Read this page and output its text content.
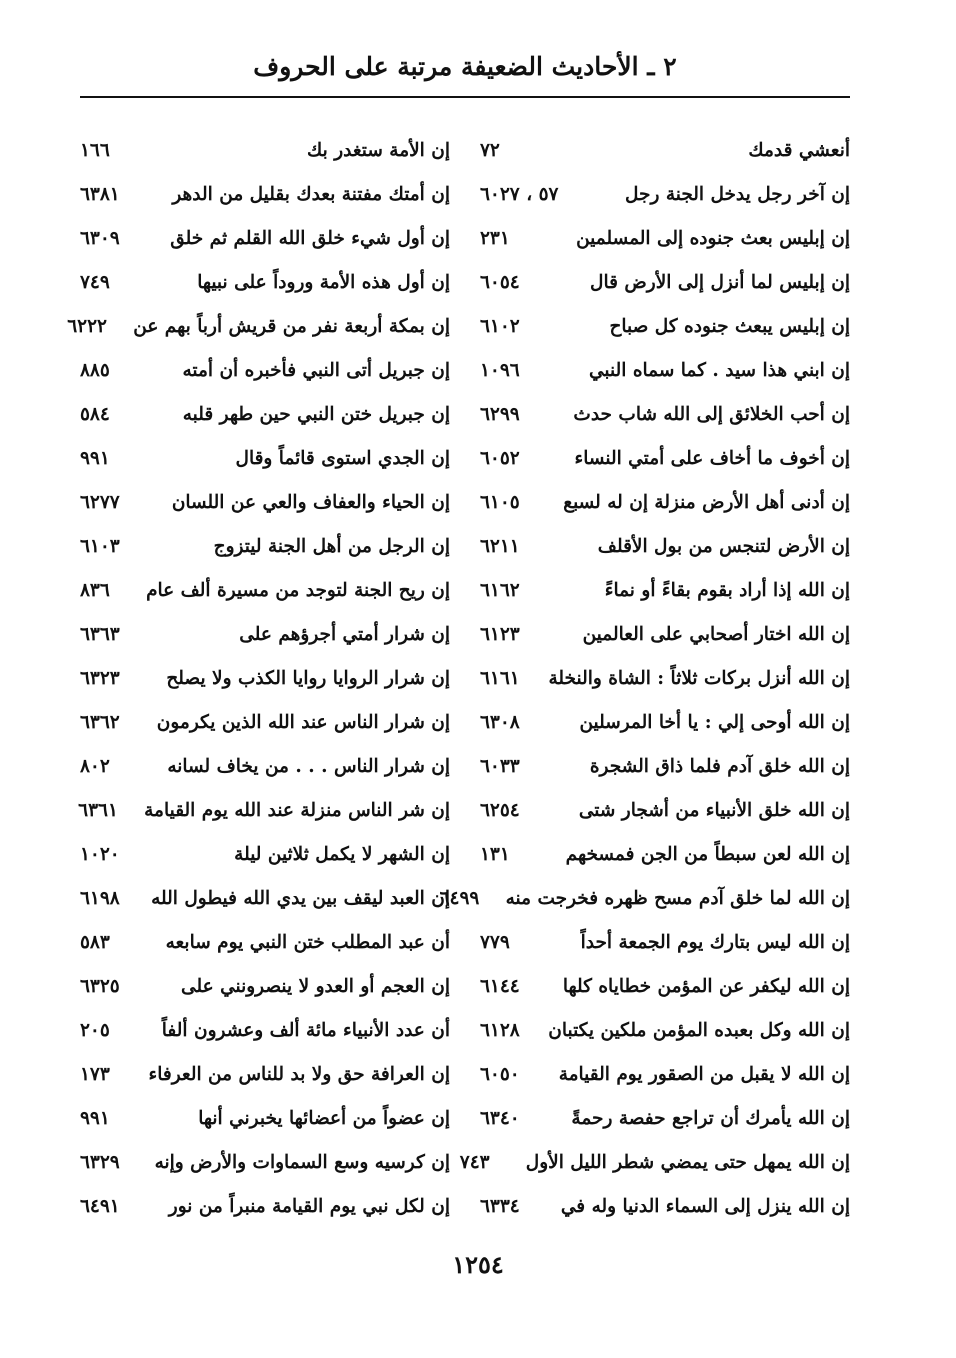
٢ ـ الأحاديث الضعيفة مرتبة على الحروف
أنعشي قدمك
٧٢
إن آخر رجل يدخل الجنة رجل
٥٧ ، ٦٠٢٧
إن إبليس بعث جنوده إلى المسلمين
٢٣١
إن إبليس لما أنزل إلى الأرض قال
٦٠٥٤
إن إبليس يبعث جنوده كل صباح
٦١٠٢
إن ابني هذا سيد . كما سماه النبي
١٠٩٦
إن أحب الخلائق إلى الله شاب حدث
٦٢٩٩
إن أخوف ما أخاف على أمتي النساء
٦٠٥٢
إن أدنى أهل الأرض منزلة إن له لسبع
٦١٠٥
إن الأرض لتنجس من بول الأقلف
٦٢١١
إن الله إذا أراد بقوم بقاءً أو نماءً
٦١٦٢
إن الله اختار أصحابي على العالمين
٦١٢٣
إن الله أنزل بركات ثلاثاً : الشاة والنخلة
٦١٦١
إن الله أوحى إلي : يا أخا المرسلين
٦٣٠٨
إن الله خلق آدم فلما ذاق الشجرة
٦٠٣٣
إن الله خلق الأنبياء من أشجار شتى
٦٢٥٤
إن الله لعن سبطاً من الجن فمسخهم
١٣١
إن الله لما خلق آدم مسح ظهره فخرجت منه
٦٤٩٩
إن الله ليس بتارك يوم الجمعة أحداً
٧٧٩
إن الله ليكفر عن المؤمن خطاياه كلها
٦١٤٤
إن الله وكل بعبده المؤمن ملكين يكتبان
٦١٢٨
إن الله لا يقبل من الصقور يوم القيامة
٦٠٥٠
إن الله يأمرك أن تراجع حفصة رحمةً
٦٣٤٠
إن الله يمهل حتى يمضي شطر الليل الأول
٧٤٣
إن الله ينزل إلى السماء الدنيا وله في
٦٣٣٤
إن الأمة ستغدر بك
١٦٦
إن أمتك مفتنة بعدك بقليل من الدهر
٦٣٨١
إن أول شيء خلق الله القلم ثم خلق
٦٣٠٩
إن أول هذه الأمة وروداً على نبيها
٧٤٩
إن بمكة أربعة نفر من قريش أرباً بهم عن
٦٢٢٢
إن جبريل أتى النبي فأخبره أن أمته
٨٨٥
إن جبريل ختن النبي حين طهر قلبه
٥٨٤
إن الجدي استوى قائماً وقال
٩٩١
إن الحياء والعفاف والعي عن اللسان
٦٢٧٧
إن الرجل من أهل الجنة ليتزوج
٦١٠٣
إن ريح الجنة لتوجد من مسيرة ألف عام
٨٣٦
إن شرار أمتي أجرؤهم على
٦٣٦٣
إن شرار الروايا روايا الكذب ولا يصلح
٦٣٢٣
إن شرار الناس عند الله الذين يكرمون
٦٣٦٢
إن شرار الناس . . . من يخاف لسانه
٨٠٢
إن شر الناس منزلة عند الله يوم القيامة
٦٣٦١
إن الشهر لا يكمل ثلاثين ليلة
١٠٢٠
إن العبد ليقف بين يدي الله فيطول الله
٦١٩٨
أن عبد المطلب ختن النبي يوم سابعه
٥٨٣
إن العجم أو العدو لا ينصرونني على
٦٣٢٥
أن عدد الأنبياء مائة ألف وعشرون ألفاً
٢٠٥
إن العرافة حق ولا بد للناس من العرفاء
١٧٣
إن عضواً من أعضائها يخبرني أنها
٩٩١
إن كرسيه وسع السماوات والأرض وإنه
٦٣٢٩
إن لكل نبي يوم القيامة منبراً من نور
٦٤٩١
١٢٥٤
